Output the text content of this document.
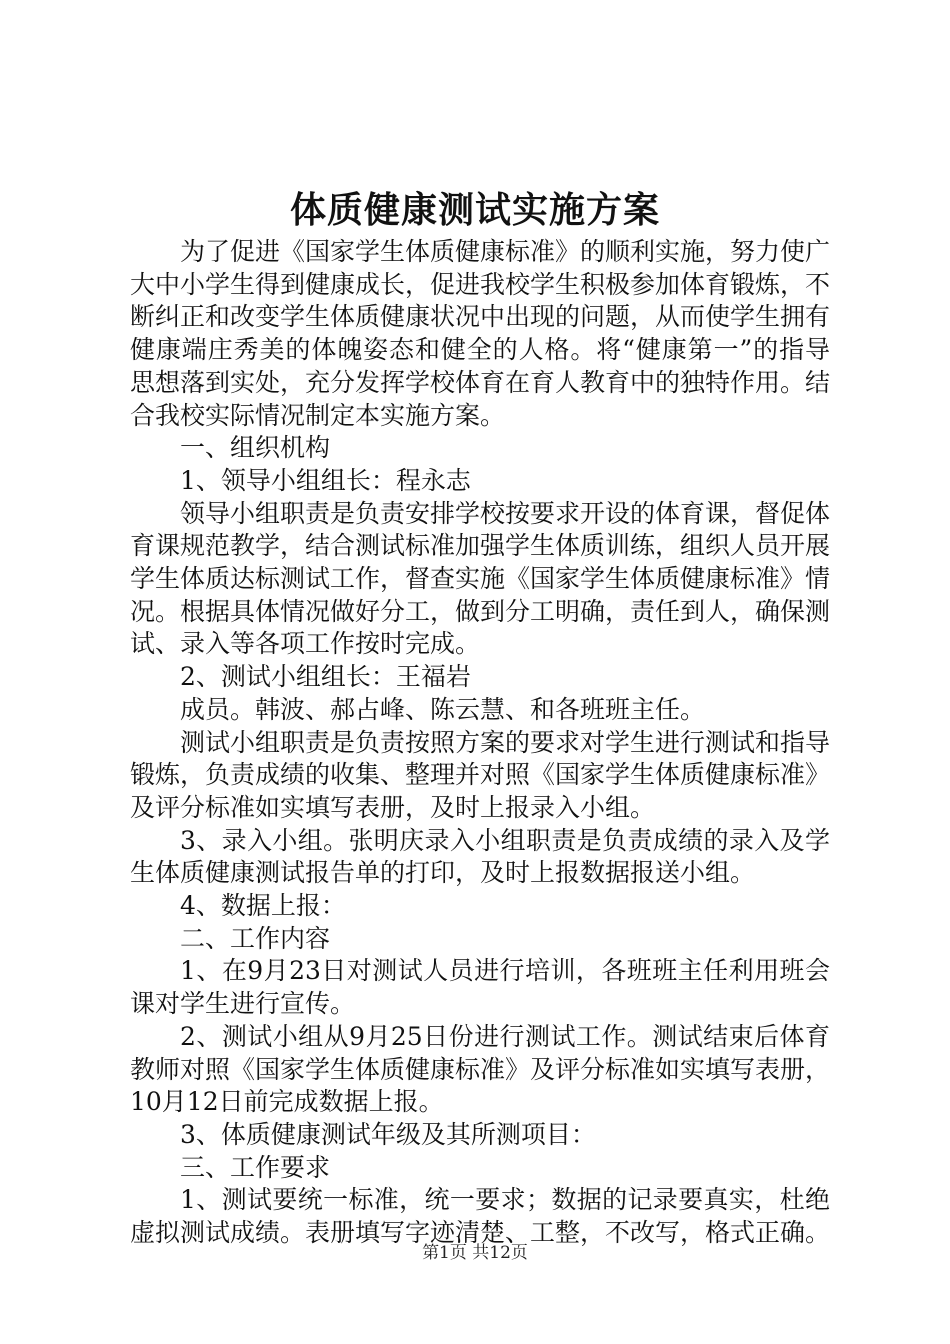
体质健康测试实施方案

为了促进《国家学生体质健康标准》的顺利实施，努力使广大中小学生得到健康成长，促进我校学生积极参加体育锻炼，不断纠正和改变学生体质健康状况中出现的问题，从而使学生拥有健康端庄秀美的体魄姿态和健全的人格。将“健康第一”的指导思想落到实处，充分发挥学校体育在育人教育中的独特作用。结合我校实际情况制定本实施方案。

一、组织机构

1、领导小组组长：程永志

领导小组职责是负责安排学校按要求开设的体育课，督促体育课规范教学，结合测试标准加强学生体质训练，组织人员开展学生体质达标测试工作，督查实施《国家学生体质健康标准》情况。根据具体情况做好分工，做到分工明确，责任到人，确保测试、录入等各项工作按时完成。

2、测试小组组长：王福岩

成员。韩波、郝占峰、陈云慧、和各班班主任。

测试小组职责是负责按照方案的要求对学生进行测试和指导锻炼，负责成绩的收集、整理并对照《国家学生体质健康标准》及评分标准如实填写表册，及时上报录入小组。

3、录入小组。张明庆录入小组职责是负责成绩的录入及学生体质健康测试报告单的打印，及时上报数据报送小组。

4、数据上报：

二、工作内容

1、在9月23日对测试人员进行培训，各班班主任利用班会课对学生进行宣传。

2、测试小组从9月25日份进行测试工作。测试结束后体育教师对照《国家学生体质健康标准》及评分标准如实填写表册，10月12日前完成数据上报。

3、体质健康测试年级及其所测项目：

三、工作要求

1、测试要统一标准，统一要求；数据的记录要真实，杜绝虚拟测试成绩。表册填写字迹清楚、工整，不改写，格式正确。

第1页 共12页
